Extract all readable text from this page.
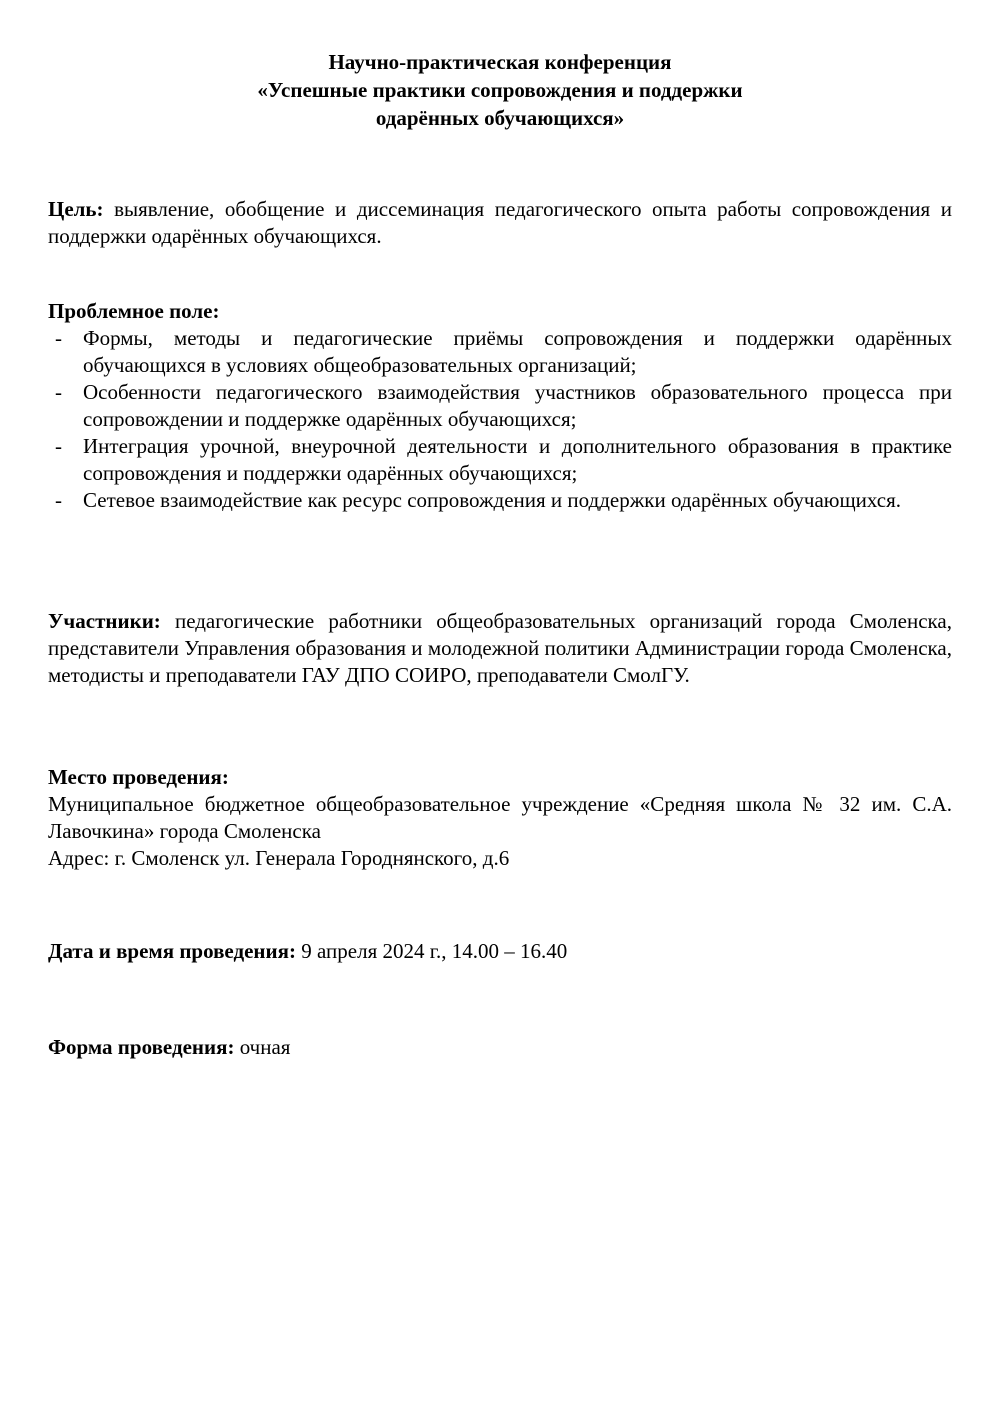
Научно-практическая конференция
«Успешные практики сопровождения и поддержки
одарённых обучающихся»
Цель: выявление, обобщение и диссеминация педагогического опыта работы сопровождения и поддержки одарённых обучающихся.
Проблемное поле:
- Формы, методы и педагогические приёмы сопровождения и поддержки одарённых обучающихся в условиях общеобразовательных организаций;
- Особенности педагогического взаимодействия участников образовательного процесса при сопровождении и поддержке одарённых обучающихся;
- Интеграция урочной, внеурочной деятельности и дополнительного образования в практике сопровождения и поддержки одарённых обучающихся;
- Сетевое взаимодействие как ресурс сопровождения и поддержки одарённых обучающихся.
Участники: педагогические работники общеобразовательных организаций города Смоленска, представители Управления образования и молодежной политики Администрации города Смоленска, методисты и преподаватели ГАУ ДПО СОИРО, преподаватели СмолГУ.
Место проведения:
Муниципальное бюджетное общеобразовательное учреждение «Средняя школа № 32 им. С.А. Лавочкина» города Смоленска
Адрес: г. Смоленск ул. Генерала Городнянского, д.6
Дата и время проведения: 9 апреля 2024 г., 14.00 – 16.40
Форма проведения: очная
